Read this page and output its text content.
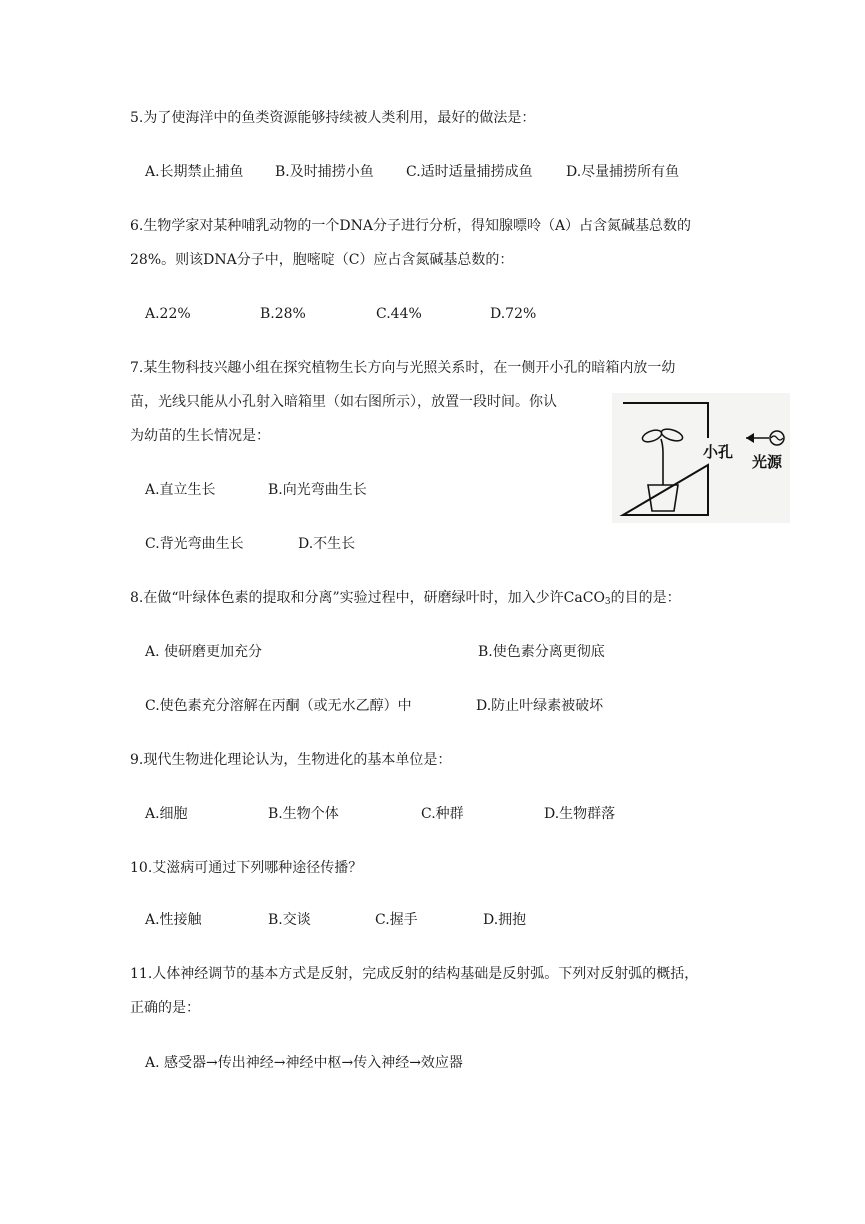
5.为了使海洋中的鱼类资源能够持续被人类利用，最好的做法是：
A.长期禁止捕鱼 B.及时捕捞小鱼 C.适时适量捕捞成鱼 D.尽量捕捞所有鱼
6.生物学家对某种哺乳动物的一个DNA分子进行分析，得知腺嘌呤（A）占含氮碱基总数的
28%。则该DNA分子中，胞嘧啶（C）应占含氮碱基总数的：
A.22%	B.28%	C.44%	D.72%
7.某生物科技兴趣小组在探究植物生长方向与光照关系时，在一侧开小孔的暗箱内放一幼
苗，光线只能从小孔射入暗箱里（如右图所示），放置一段时间。你认
为幼苗的生长情况是：
A.直立生长	B.向光弯曲生长
C.背光弯曲生长	D.不生长
小孔
光源
8.在做“叶绿体色素的提取和分离”实验过程中，研磨绿叶时，加入少许CaCO$_3$的目的是：
A. 使研磨更加充分	B.使色素分离更彻底
C.使色素充分溶解在丙酮（或无水乙醇）中	D.防止叶绿素被破坏
9.现代生物进化理论认为，生物进化的基本单位是：
A.细胞	B.生物个体	C.种群	D.生物群落
10.艾滋病可通过下列哪种途径传播？
A.性接触	B.交谈	C.握手	D.拥抱
11.人体神经调节的基本方式是反射，完成反射的结构基础是反射弧。下列对反射弧的概括，
正确的是：
A. 感受器→传出神经→神经中枢→传入神经→效应器
